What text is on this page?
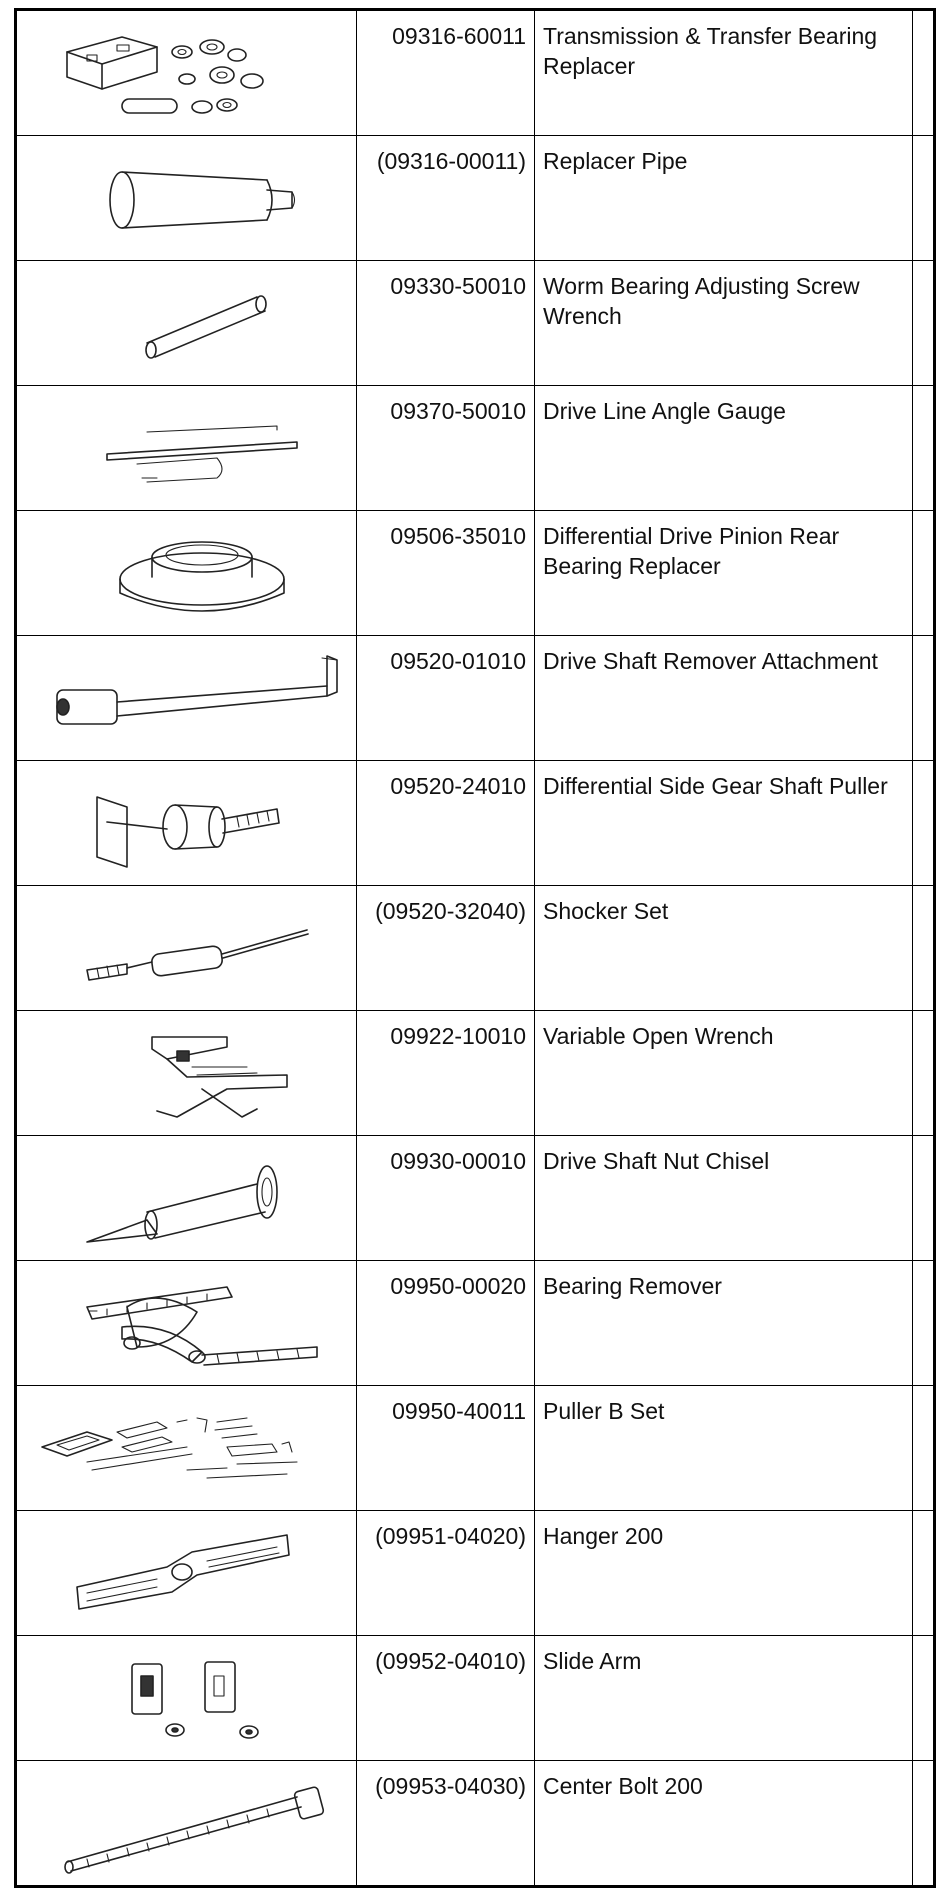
09316-60011 Transmission & Transfer Bearing Replacer
(09316-00011) Replacer Pipe
09330-50010 Worm Bearing Adjusting Screw Wrench
09370-50010 Drive Line Angle Gauge
09506-35010 Differential Drive Pinion Rear Bearing Replacer
09520-01010 Drive Shaft Remover Attachment
09520-24010 Differential Side Gear Shaft Puller
(09520-32040) Shocker Set
09922-10010 Variable Open Wrench
09930-00010 Drive Shaft Nut Chisel
09950-00020 Bearing Remover
09950-40011 Puller B Set
(09951-04020) Hanger 200
(09952-04010) Slide Arm
(09953-04030) Center Bolt 200
